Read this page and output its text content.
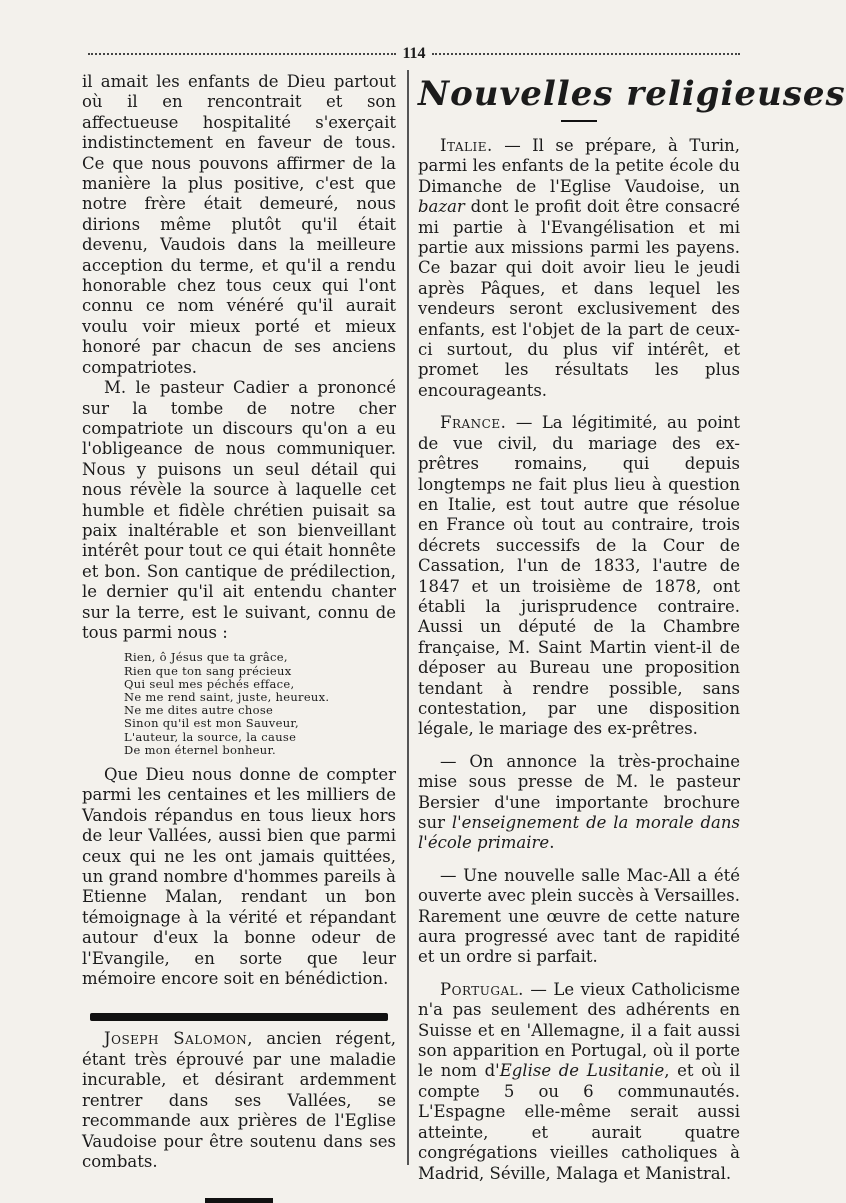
114

il amait les enfants de Dieu partout où il en rencontrait et son affectueuse hospitalité s'exerçait indistinctement en faveur de tous. Ce que nous pouvons affirmer de la manière la plus positive, c'est que notre frère était demeuré, nous dirions même plutôt qu'il était devenu, Vaudois dans la meilleure acception du terme, et qu'il a rendu honorable chez tous ceux qui l'ont connu ce nom vénéré qu'il aurait voulu voir mieux porté et mieux honoré par chacun de ses anciens compatriotes.

M. le pasteur Cadier a prononcé sur la tombe de notre cher compatriote un discours qu'on a eu l'obligeance de nous communiquer. Nous y puisons un seul détail qui nous révèle la source à laquelle cet humble et fidèle chrétien puisait sa paix inaltérable et son bienveillant intérêt pour tout ce qui était honnête et bon. Son cantique de prédilection, le dernier qu'il ait entendu chanter sur la terre, est le suivant, connu de tous parmi nous :

Rien, ô Jésus que ta grâce,
Rien que ton sang précieux
Qui seul mes péchés efface,
Ne me rend saint, juste, heureux.
Ne me dites autre chose
Sinon qu'il est mon Sauveur,
L'auteur, la source, la cause
De mon éternel bonheur.

Que Dieu nous donne de compter parmi les centaines et les milliers de Vandois répandus en tous lieux hors de leur Vallées, aussi bien que parmi ceux qui ne les ont jamais quittées, un grand nombre d'hommes pareils à Etienne Malan, rendant un bon témoignage à la vérité et répandant autour d'eux la bonne odeur de l'Evangile, en sorte que leur mémoire encore soit en bénédiction.

Joseph Salomon, ancien régent, étant très éprouvé par une maladie incurable, et désirant ardemment rentrer dans ses Vallées, se recommande aux prières de l'Eglise Vaudoise pour être soutenu dans ses combats.

Nouvelles religieuses

Italie. — Il se prépare, à Turin, parmi les enfants de la petite école du Dimanche de l'Eglise Vaudoise, un bazar dont le profit doit être consacré mi partie à l'Evangélisation et mi partie aux missions parmi les payens. Ce bazar qui doit avoir lieu le jeudi après Pâques, et dans lequel les vendeurs seront exclusivement des enfants, est l'objet de la part de ceux-ci surtout, du plus vif intérêt, et promet les résultats les plus encourageants.

France. — La légitimité, au point de vue civil, du mariage des ex-prêtres romains, qui depuis longtemps ne fait plus lieu à question en Italie, est tout autre que résolue en France où tout au contraire, trois décrets successifs de la Cour de Cassation, l'un de 1833, l'autre de 1847 et un troisième de 1878, ont établi la jurisprudence contraire. Aussi un député de la Chambre française, M. Saint Martin vient-il de déposer au Bureau une proposition tendant à rendre possible, sans contestation, par une disposition légale, le mariage des ex-prêtres.

— On annonce la très-prochaine mise sous presse de M. le pasteur Bersier d'une importante brochure sur l'enseignement de la morale dans l'école primaire.

— Une nouvelle salle Mac-All a été ouverte avec plein succès à Versailles. Rarement une œuvre de cette nature aura progressé avec tant de rapidité et un ordre si parfait.

Portugal. — Le vieux Catholicisme n'a pas seulement des adhérents en Suisse et en 'Allemagne, il a fait aussi son apparition en Portugal, où il porte le nom d'Eglise de Lusitanie, et où il compte 5 ou 6 communautés. L'Espagne elle-même serait aussi atteinte, et aurait quatre congrégations vieilles catholiques à Madrid, Séville, Malaga et Manistral.
